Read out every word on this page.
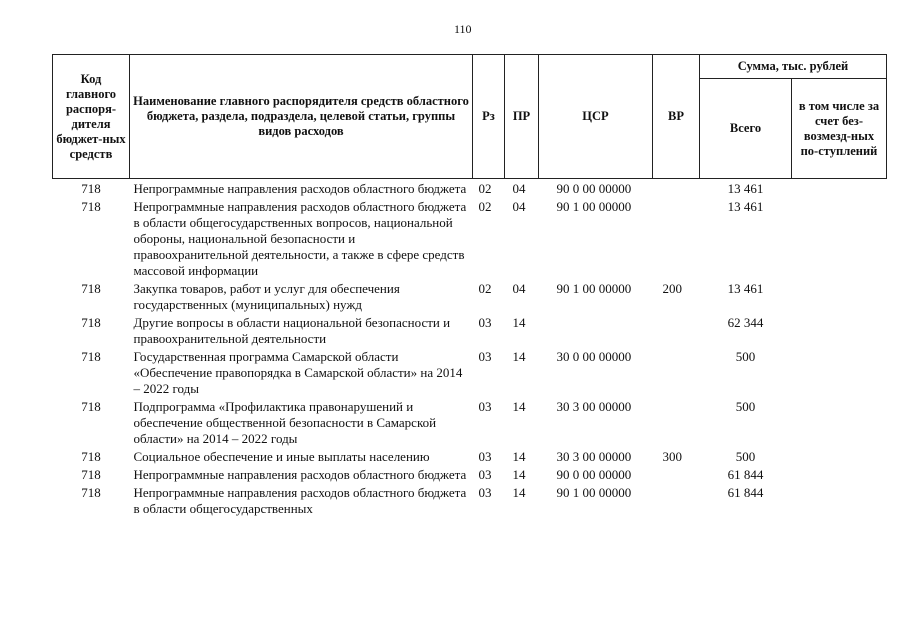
110
Код главного распоря-дителя бюджет-ных средств	Наименование главного распорядителя средств областного бюджета, раздела, подраздела, целевой статьи, группы видов расходов	Рз	ПР	ЦСР	ВР	Сумма, тыс. рублей	
						Всего	в том числе за счет без-возмезд-ных по-ступлений
718	Непрограммные направления расходов областного бюджета	02	04	90 0 00 00000		13 461	
718	Непрограммные направления расходов областного бюджета в области общегосударственных вопросов, национальной обороны, национальной безопасности и правоохранительной деятельности, а также в сфере средств массовой информации	02	04	90 1 00 00000		13 461	
718	Закупка товаров, работ и услуг для обеспечения государственных (муниципальных) нужд	02	04	90 1 00 00000	200	13 461	
718	Другие вопросы в области национальной безопасности и правоохранительной деятельности	03	14			62 344	
718	Государственная программа Самарской области «Обеспечение правопорядка в Самарской области» на 2014 – 2022 годы	03	14	30 0 00 00000		500	
718	Подпрограмма «Профилактика правонарушений и обеспечение общественной безопасности в Самарской области» на 2014 – 2022 годы	03	14	30 3 00 00000		500	
718	Социальное обеспечение и иные выплаты населению	03	14	30 3 00 00000	300	500	
718	Непрограммные направления расходов областного бюджета	03	14	90 0 00 00000		61 844	
718	Непрограммные направления расходов областного бюджета в области общегосударственных	03	14	90 1 00 00000		61 844	
